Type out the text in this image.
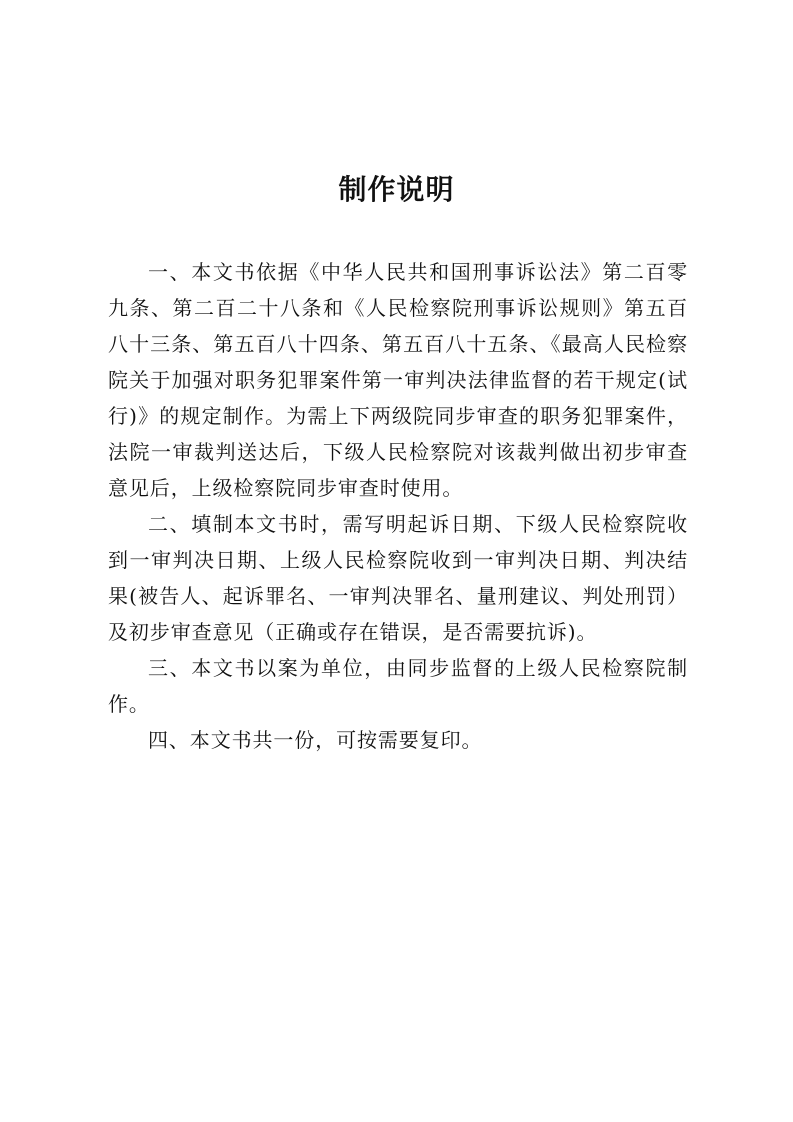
制作说明

一、本文书依据《中华人民共和国刑事诉讼法》第二百零九条、第二百二十八条和《人民检察院刑事诉讼规则》第五百八十三条、第五百八十四条、第五百八十五条、《最高人民检察院关于加强对职务犯罪案件第一审判决法律监督的若干规定(试行)》的规定制作。为需上下两级院同步审查的职务犯罪案件，法院一审裁判送达后，下级人民检察院对该裁判做出初步审查意见后，上级检察院同步审查时使用。

二、填制本文书时，需写明起诉日期、下级人民检察院收到一审判决日期、上级人民检察院收到一审判决日期、判决结果(被告人、起诉罪名、一审判决罪名、量刑建议、判处刑罚）及初步审查意见（正确或存在错误，是否需要抗诉)。

三、本文书以案为单位，由同步监督的上级人民检察院制作。

四、本文书共一份，可按需要复印。
